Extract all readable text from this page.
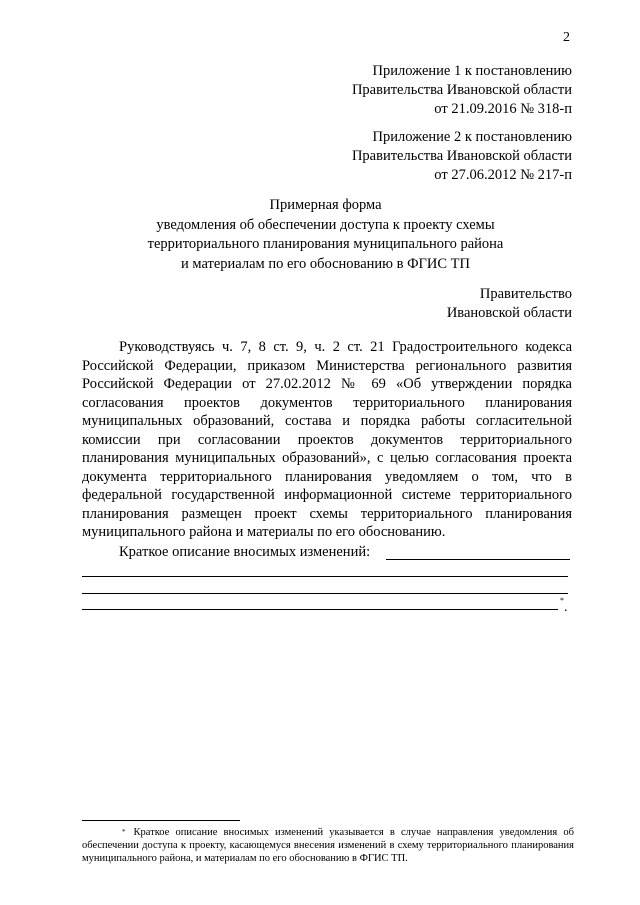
2
Приложение 1 к постановлению
Правительства Ивановской области
от 21.09.2016 № 318-п
Приложение 2 к постановлению
Правительства Ивановской области
от 27.06.2012 № 217-п
Примерная форма
уведомления об обеспечении доступа к проекту схемы
территориального планирования муниципального района
и материалам по его обоснованию в ФГИС ТП
Правительство
Ивановской области

Руководствуясь ч. 7, 8 ст. 9, ч. 2 ст. 21 Градостроительного кодекса Российской Федерации, приказом Министерства регионального развития Российской Федерации от 27.02.2012 № 69 «Об утверждении порядка согласования проектов документов территориального планирования муниципальных образований, состава и порядка работы согласительной комиссии при согласовании проектов документов территориального планирования муниципальных образований», с целью согласования проекта документа территориального планирования уведомляем о том, что в федеральной государственной информационной системе территориального планирования размещен проект схемы территориального планирования муниципального района и материалы по его обоснованию.

Краткое описание вносимых изменений:
* .

* Краткое описание вносимых изменений указывается в случае направления уведомления об обеспечении доступа к проекту, касающемуся внесения изменений в схему территориального планирования муниципального района, и материалам по его обоснованию в ФГИС ТП.
